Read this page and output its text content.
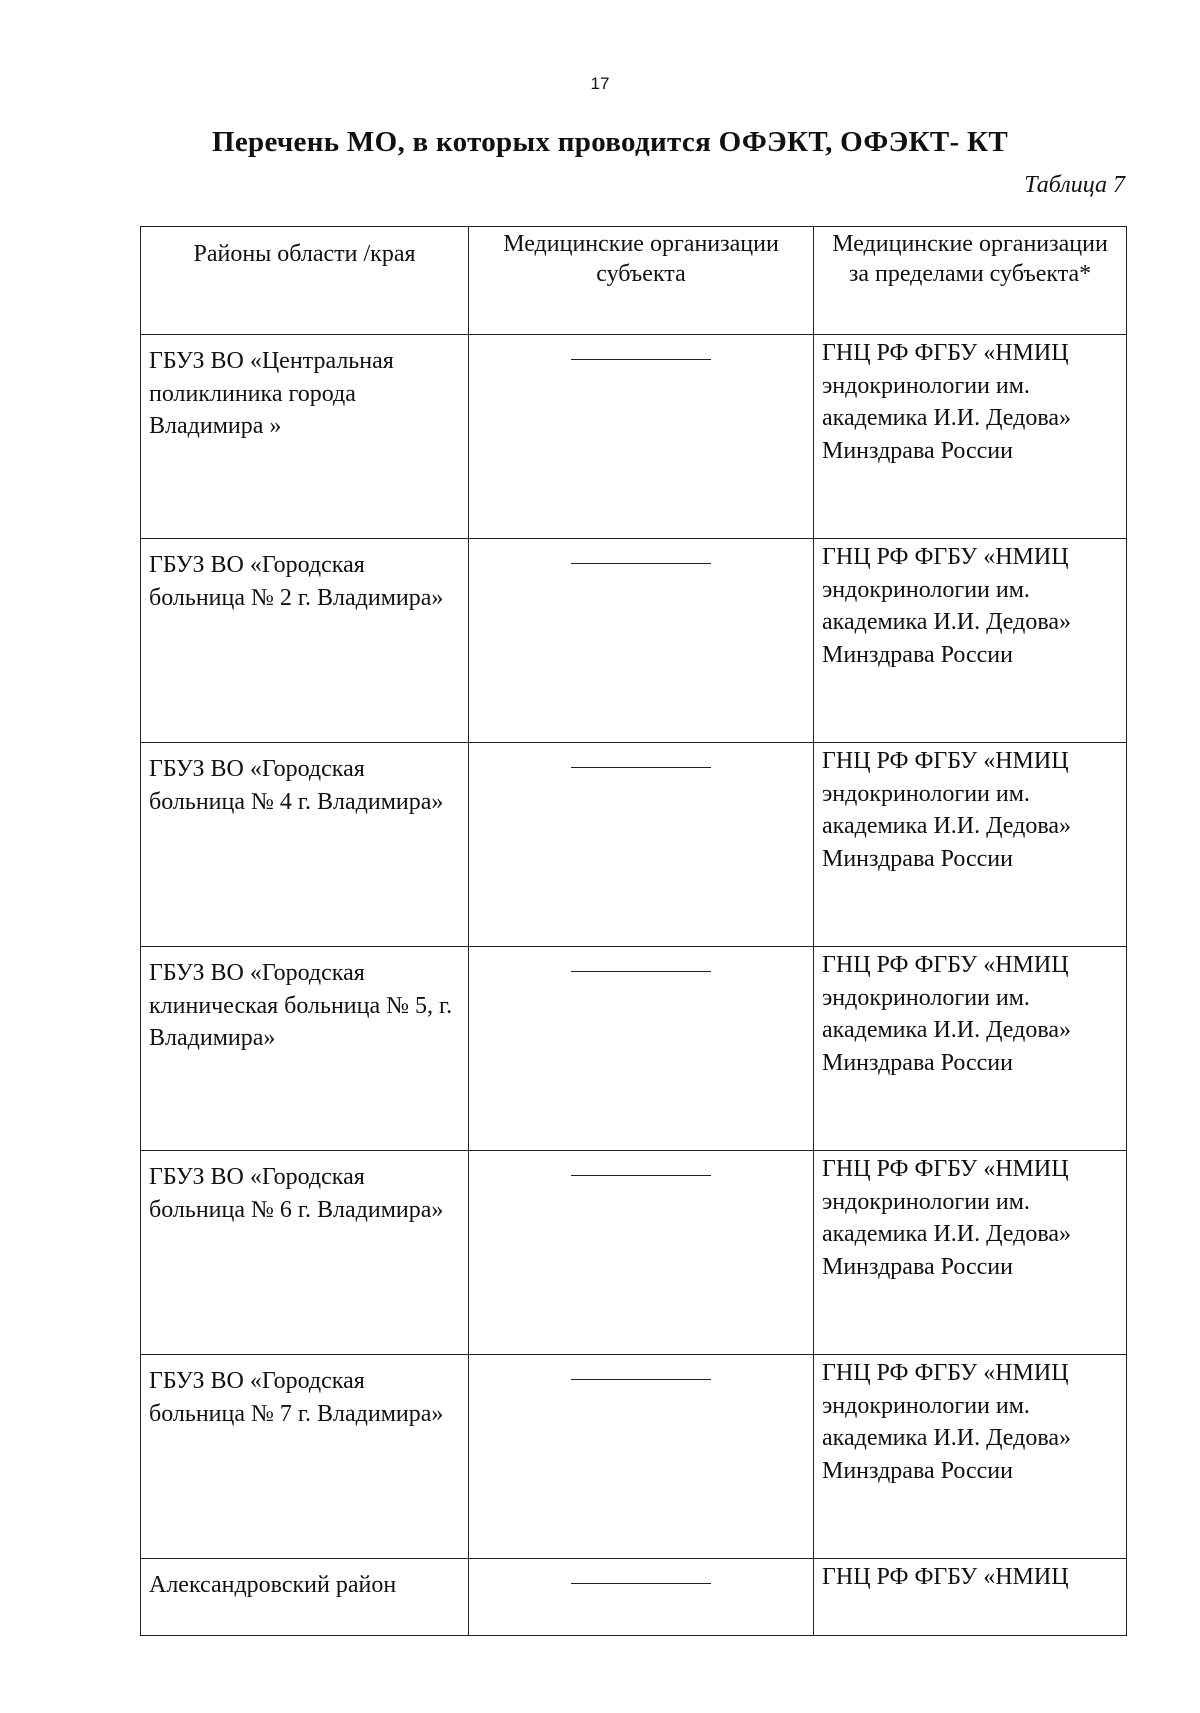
17
Перечень МО, в которых проводится ОФЭКТ, ОФЭКТ- КТ
Таблица 7
Районы области /края	Медицинские организации субъекта	Медицинские организации за пределами субъекта*
ГБУЗ ВО «Центральная поликлиника города Владимира »		ГНЦ РФ ФГБУ «НМИЦ эндокринологии им. академика И.И. Дедова» Минздрава России
ГБУЗ ВО «Городская больница № 2 г. Владимира»		ГНЦ РФ ФГБУ «НМИЦ эндокринологии им. академика И.И. Дедова» Минздрава России
ГБУЗ ВО «Городская больница № 4 г. Владимира»		ГНЦ РФ ФГБУ «НМИЦ эндокринологии им. академика И.И. Дедова» Минздрава России
ГБУЗ ВО «Городская клиническая больница № 5, г. Владимира»		ГНЦ РФ ФГБУ «НМИЦ эндокринологии им. академика И.И. Дедова» Минздрава России
ГБУЗ ВО «Городская больница № 6 г. Владимира»		ГНЦ РФ ФГБУ «НМИЦ эндокринологии им. академика И.И. Дедова» Минздрава России
ГБУЗ ВО «Городская больница № 7 г. Владимира»		ГНЦ РФ ФГБУ «НМИЦ эндокринологии им. академика И.И. Дедова» Минздрава России
Александровский район		ГНЦ РФ ФГБУ «НМИЦ
